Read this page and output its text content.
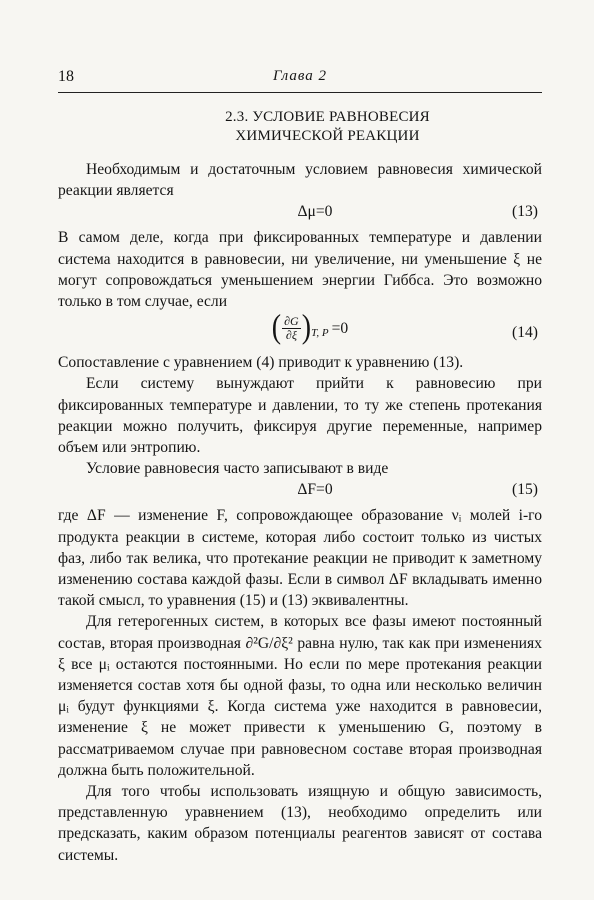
18	Глава 2
2.3. УСЛОВИЕ РАВНОВЕСИЯ
ХИМИЧЕСКОЙ РЕАКЦИИ

Необходимым и достаточным условием равновесия химической реакции является

Δμ=0	(13)

В самом деле, когда при фиксированных температуре и давлении система находится в равновесии, ни увеличение, ни уменьшение ξ не могут сопровождаться уменьшением энергии Гиббса. Это возможно только в том случае, если

( $\frac{\partial G}{\partial\xi}$ ) T, P =0	(14)

Сопоставление с уравнением (4) приводит к уравнению (13).

Если систему вынуждают прийти к равновесию при фиксированных температуре и давлении, то ту же степень протекания реакции можно получить, фиксируя другие переменные, например объем или энтропию.

Условие равновесия часто записывают в виде

ΔF=0	(15)

где ΔF — изменение F, сопровождающее образование νᵢ молей i-го продукта реакции в системе, которая либо состоит только из чистых фаз, либо так велика, что протекание реакции не приводит к заметному изменению состава каждой фазы. Если в символ ΔF вкладывать именно такой смысл, то уравнения (15) и (13) эквивалентны.

Для гетерогенных систем, в которых все фазы имеют постоянный состав, вторая производная ∂²G/∂ξ² равна нулю, так как при изменениях ξ все μᵢ остаются постоянными. Но если по мере протекания реакции изменяется состав хотя бы одной фазы, то одна или несколько величин μᵢ будут функциями ξ. Когда система уже находится в равновесии, изменение ξ не может привести к уменьшению G, поэтому в рассматриваемом случае при равновесном составе вторая производная должна быть положительной.

Для того чтобы использовать изящную и общую зависимость, представленную уравнением (13), необходимо определить или предсказать, каким образом потенциалы реагентов зависят от состава системы.
